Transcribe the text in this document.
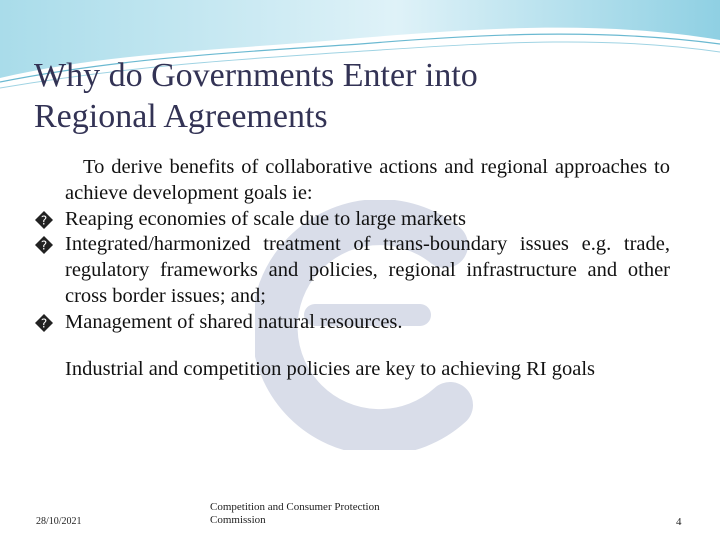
Why do Governments Enter into
Regional Agreements
To derive benefits of collaborative actions and regional approaches to achieve development goals ie:
? Reaping economies of scale due to large markets
? Integrated/harmonized treatment of trans-boundary issues e.g. trade, regulatory frameworks and policies, regional infrastructure and other cross border issues; and;
? Management of shared natural resources.
Industrial and competition policies are key to achieving RI goals
28/10/2021
Competition and Consumer Protection
Commission	4
